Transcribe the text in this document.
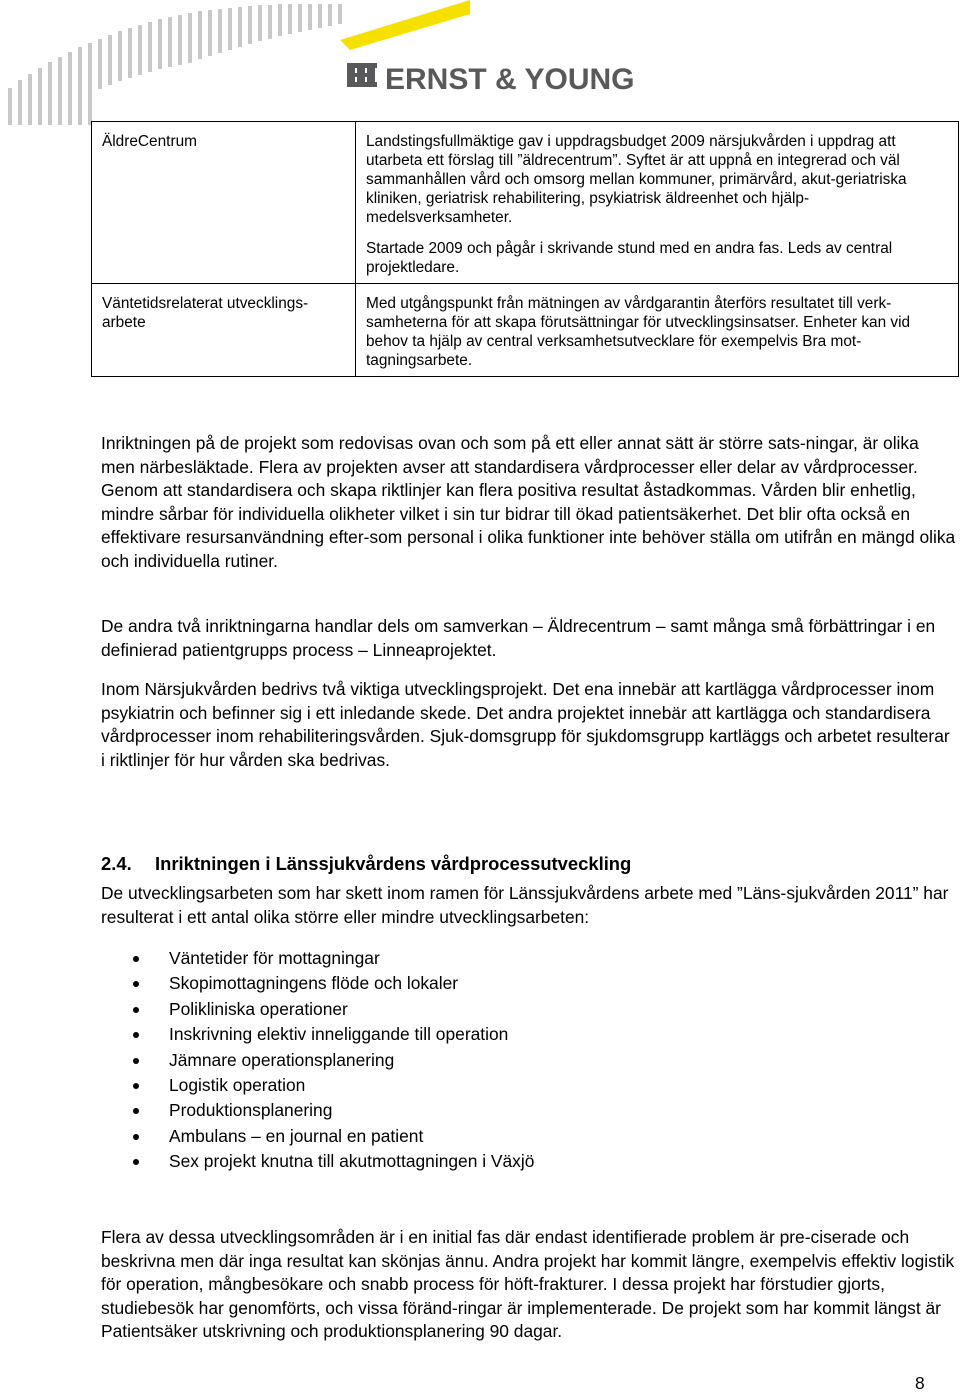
ERNST & YOUNG

ÄldreCentrum	Landstingsfullmäktige gav i uppdragsbudget 2009 närsjukvården i uppdrag att utarbeta ett förslag till ”äldrecentrum”. Syftet är att uppnå en integrerad och väl sammanhållen vård och omsorg mellan kommuner, primärvård, akut-geriatriska kliniken, geriatrisk rehabilitering, psykiatrisk äldreenhet och hjälp-medelsverksamheter.

Startade 2009 och pågår i skrivande stund med en andra fas. Leds av central projektledare.

Väntetidsrelaterat utvecklings-arbete	Med utgångspunkt från mätningen av vårdgarantin återförs resultatet till verk-samheterna för att skapa förutsättningar för utvecklingsinsatser. Enheter kan vid behov ta hjälp av central verksamhetsutvecklare för exempelvis Bra mot-tagningsarbete.

Inriktningen på de projekt som redovisas ovan och som på ett eller annat sätt är större sats-ningar, är olika men närbesläktade. Flera av projekten avser att standardisera vårdprocesser eller delar av vårdprocesser. Genom att standardisera och skapa riktlinjer kan flera positiva resultat åstadkommas. Vården blir enhetlig, mindre sårbar för individuella olikheter vilket i sin tur bidrar till ökad patientsäkerhet. Det blir ofta också en effektivare resursanvändning efter-som personal i olika funktioner inte behöver ställa om utifrån en mängd olika och individuella rutiner.

De andra två inriktningarna handlar dels om samverkan – Äldrecentrum – samt många små förbättringar i en definierad patientgrupps process – Linneaprojektet.

Inom Närsjukvården bedrivs två viktiga utvecklingsprojekt. Det ena innebär att kartlägga vårdprocesser inom psykiatrin och befinner sig i ett inledande skede. Det andra projektet innebär att kartlägga och standardisera vårdprocesser inom rehabiliteringsvården. Sjuk-domsgrupp för sjukdomsgrupp kartläggs och arbetet resulterar i riktlinjer för hur vården ska bedrivas.

2.4. Inriktningen i Länssjukvårdens vårdprocessutveckling

De utvecklingsarbeten som har skett inom ramen för Länssjukvårdens arbete med ”Läns-sjukvården 2011” har resulterat i ett antal olika större eller mindre utvecklingsarbeten:

Väntetider för mottagningar
Skopimottagningens flöde och lokaler
Polikliniska operationer
Inskrivning elektiv inneliggande till operation
Jämnare operationsplanering
Logistik operation
Produktionsplanering
Ambulans – en journal en patient
Sex projekt knutna till akutmottagningen i Växjö

Flera av dessa utvecklingsområden är i en initial fas där endast identifierade problem är pre-ciserade och beskrivna men där inga resultat kan skönjas ännu. Andra projekt har kommit längre, exempelvis effektiv logistik för operation, mångbesökare och snabb process för höft-frakturer. I dessa projekt har förstudier gjorts, studiebesök har genomförts, och vissa föränd-ringar är implementerade. De projekt som har kommit längst är Patientsäker utskrivning och produktionsplanering 90 dagar.

8
